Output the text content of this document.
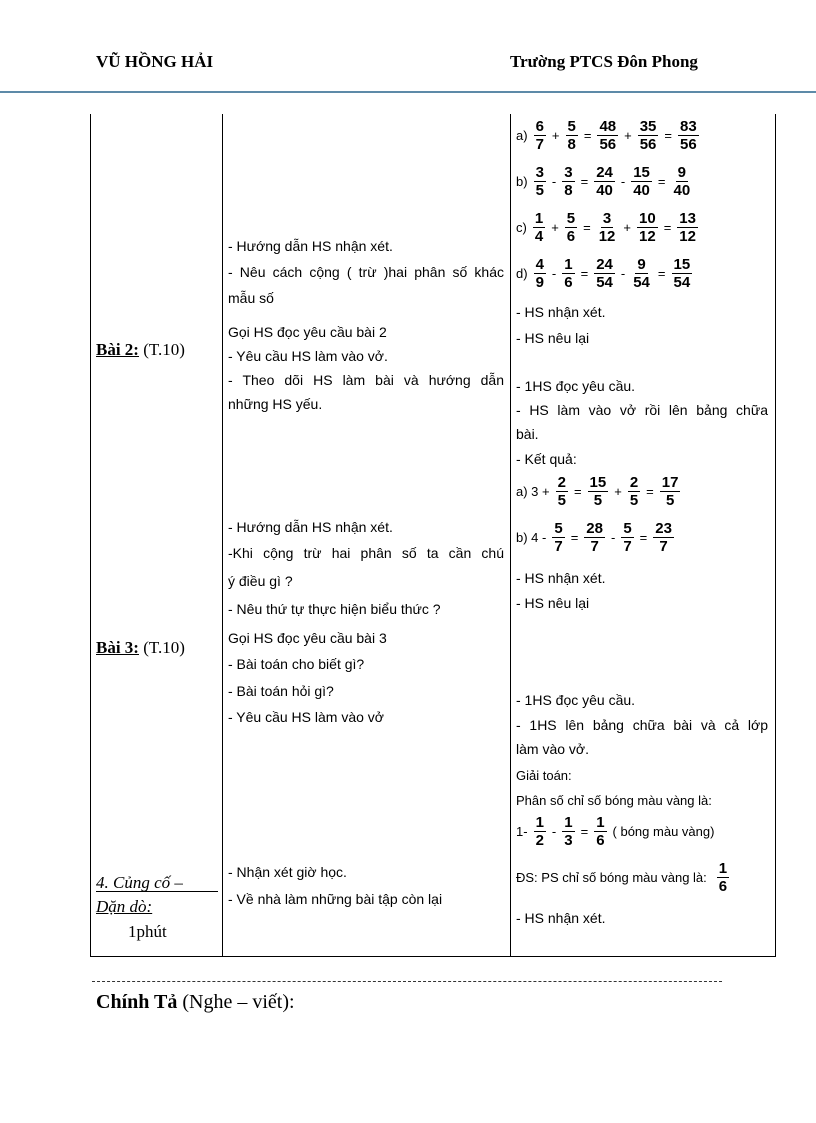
VŨ HỒNG HẢI	Trường PTCS Đôn Phong
Bài 2: (T.10)
Bài 3: (T.10)
4. Củng cố –
Dặn dò:
1phút
- Hướng dẫn HS nhận xét.
- Nêu cách cộng ( trừ )hai phân số khác
mẫu số
Gọi HS đọc yêu cầu bài 2
- Yêu cầu HS làm vào vở.
- Theo dõi HS làm bài và hướng dẫn
những HS yếu.
- Hướng dẫn HS nhận xét.
-Khi cộng trừ hai phân số ta cần chú
ý điều gì ?
- Nêu thứ tự thực hiện biểu thức ?
Gọi HS đọc yêu cầu bài 3
- Bài toán cho biết gì?
- Bài toán hỏi gì?
- Yêu cầu HS làm vào vở
- Nhận xét giờ học.
- Về nhà làm những bài tập còn lại
$a) \frac{6}{7} + \frac{5}{8} = \frac{48}{56} + \frac{35}{56} = \frac{83}{56}$
$b) \frac{3}{5} - \frac{3}{8} = \frac{24}{40} - \frac{15}{40} = \frac{9}{40}$
$c) \frac{1}{4} + \frac{5}{6} = \frac{3}{12} + \frac{10}{12} = \frac{13}{12}$
$d) \frac{4}{9} - \frac{1}{6} = \frac{24}{54} - \frac{9}{54} = \frac{15}{54}$
- HS nhận xét.
- HS nêu lại
- 1HS đọc yêu cầu.
- HS làm vào vở rồi lên bảng chữa
bài.
- Kết quả:
a) $3 + \frac{2}{5} = \frac{15}{5} + \frac{2}{5} = \frac{17}{5}$
b) $4 - \frac{5}{7} = \frac{28}{7} - \frac{5}{7} = \frac{23}{7}$
- HS nhận xét.
- HS nêu lại
- 1HS đọc yêu cầu.
- 1HS lên bảng chữa bài và cả lớp
làm vào vở.
Giải toán:
Phân số chỉ số bóng màu vàng là:
$1- \frac{1}{2} - \frac{1}{3} = \frac{1}{6}$ ( bóng màu vàng)
ĐS: PS chỉ số bóng màu vàng là: $\frac{1}{6}$
- HS nhận xét.
Chính Tả (Nghe – viết):
